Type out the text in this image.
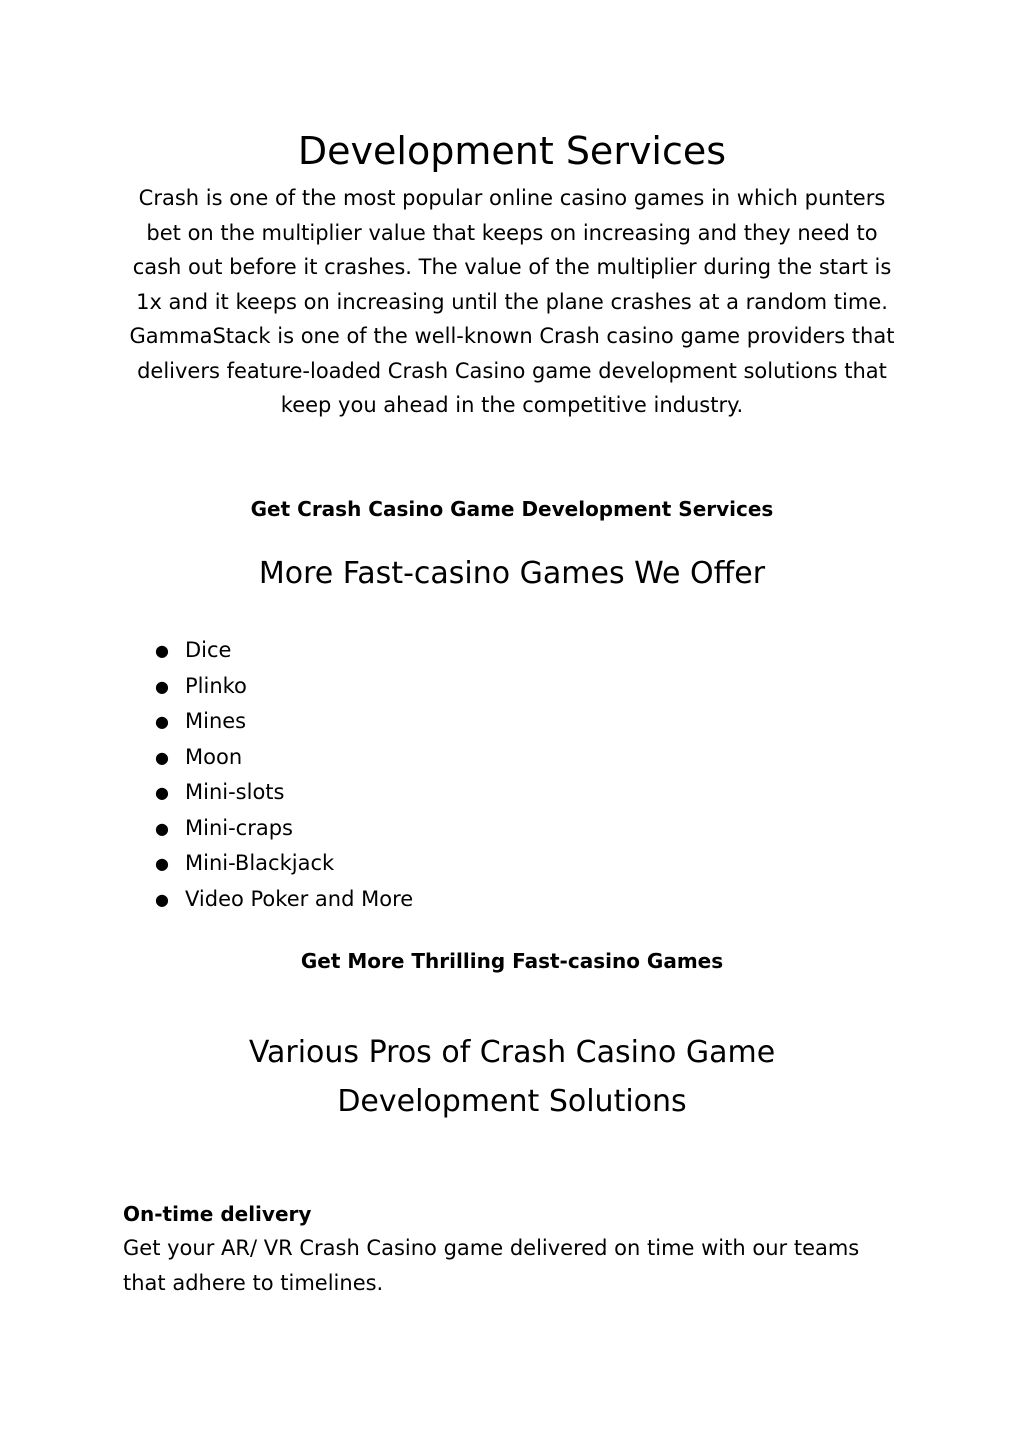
Development Services

Crash is one of the most popular online casino games in which punters bet on the multiplier value that keeps on increasing and they need to cash out before it crashes. The value of the multiplier during the start is 1x and it keeps on increasing until the plane crashes at a random time. GammaStack is one of the well-known Crash casino game providers that delivers feature-loaded Crash Casino game development solutions that keep you ahead in the competitive industry.

Get Crash Casino Game Development Services

More Fast-casino Games We Offer
● Dice
● Plinko
● Mines
● Moon
● Mini-slots
● Mini-craps
● Mini-Blackjack
● Video Poker and More

Get More Thrilling Fast-casino Games

Various Pros of Crash Casino Game
Development Solutions

On-time delivery

Get your AR/ VR Crash Casino game delivered on time with our teams that adhere to timelines.
